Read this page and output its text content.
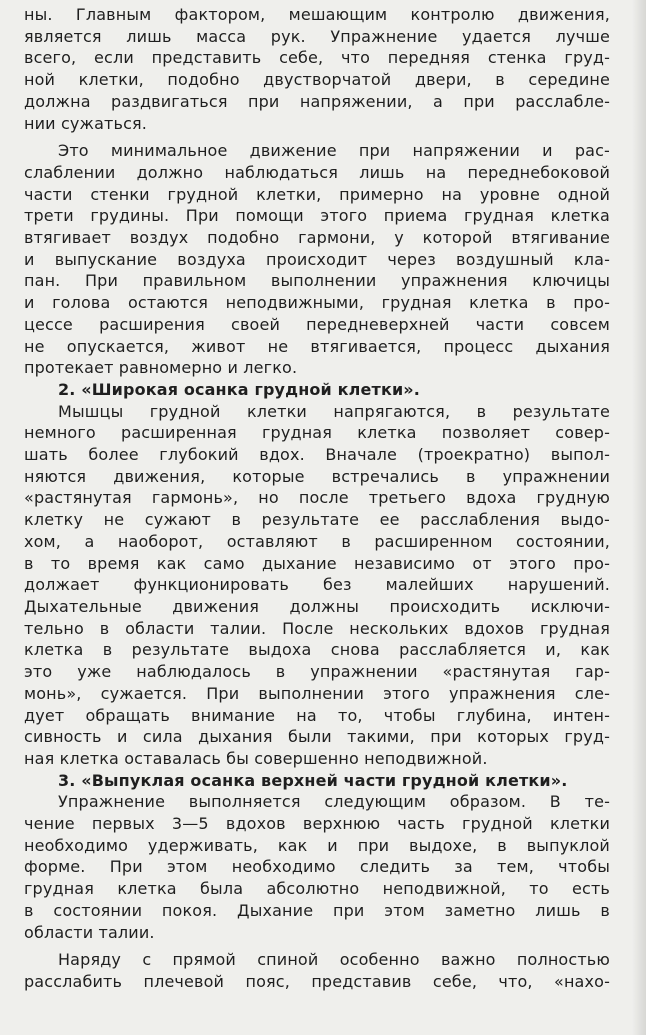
ны. Главным фактором, мешающим контролю движения,
является лишь масса рук. Упражнение удается лучше
всего, если представить себе, что передняя стенка груд-
ной клетки, подобно двустворчатой двери, в середине
должна раздвигаться при напряжении, а при расслабле-
нии сужаться.
Это минимальное движение при напряжении и рас-
слаблении должно наблюдаться лишь на переднебоковой
части стенки грудной клетки, примерно на уровне одной
трети грудины. При помощи этого приема грудная клетка
втягивает воздух подобно гармони, у которой втягивание
и выпускание воздуха происходит через воздушный кла-
пан. При правильном выполнении упражнения ключицы
и голова остаются неподвижными, грудная клетка в про-
цессе расширения своей передневерхней части совсем
не опускается, живот не втягивается, процесс дыхания
протекает равномерно и легко.
2. «Широкая осанка грудной клетки».
Мышцы грудной клетки напрягаются, в результате
немного расширенная грудная клетка позволяет совер-
шать более глубокий вдох. Вначале (троекратно) выпол-
няются движения, которые встречались в упражнении
«растянутая гармонь», но после третьего вдоха грудную
клетку не сужают в результате ее расслабления выдо-
хом, а наоборот, оставляют в расширенном состоянии,
в то время как само дыхание независимо от этого про-
должает функционировать без малейших нарушений.
Дыхательные движения должны происходить исключи-
тельно в области талии. После нескольких вдохов грудная
клетка в результате выдоха снова расслабляется и, как
это уже наблюдалось в упражнении «растянутая гар-
монь», сужается. При выполнении этого упражнения сле-
дует обращать внимание на то, чтобы глубина, интен-
сивность и сила дыхания были такими, при которых груд-
ная клетка оставалась бы совершенно неподвижной.
3. «Выпуклая осанка верхней части грудной клетки».
Упражнение выполняется следующим образом. В те-
чение первых 3—5 вдохов верхнюю часть грудной клетки
необходимо удерживать, как и при выдохе, в выпуклой
форме. При этом необходимо следить за тем, чтобы
грудная клетка была абсолютно неподвижной, то есть
в состоянии покоя. Дыхание при этом заметно лишь в
области талии.
Наряду с прямой спиной особенно важно полностью
расслабить плечевой пояс, представив себе, что, «нахо-
